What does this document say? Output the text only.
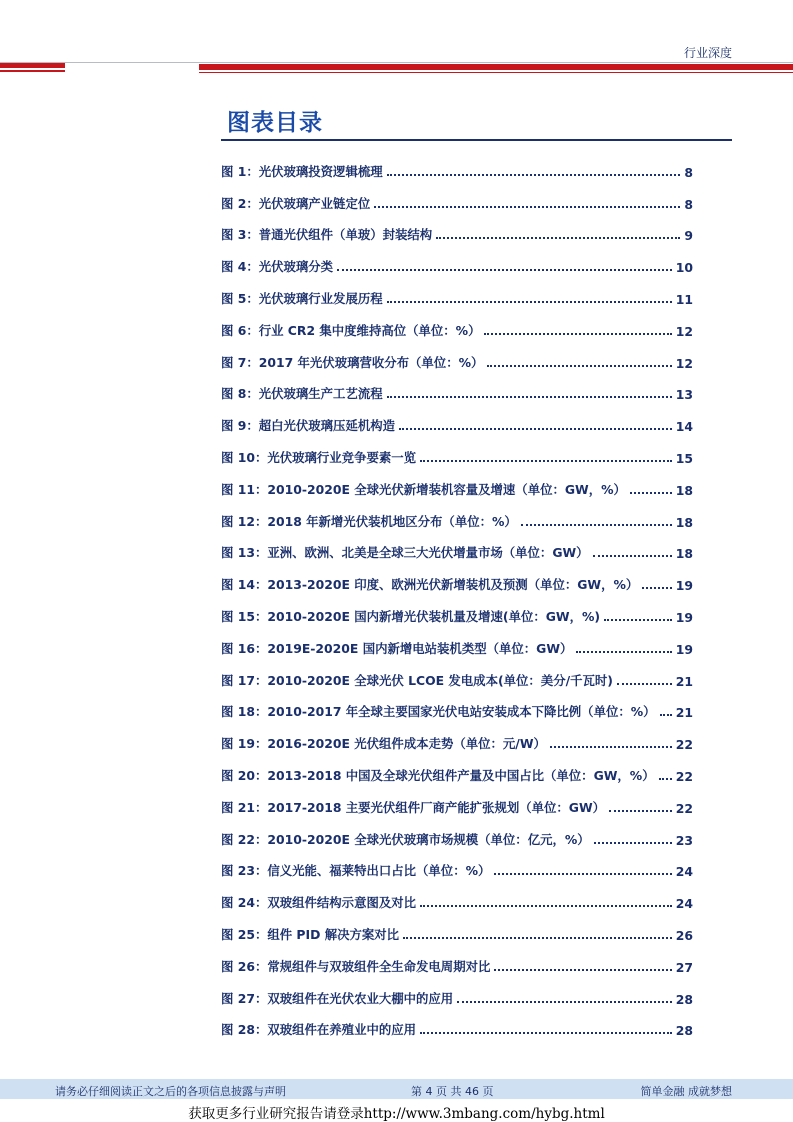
行业深度
图表目录
图 1：光伏玻璃投资逻辑梳理	8
图 2：光伏玻璃产业链定位	8
图 3：普通光伏组件（单玻）封装结构	9
图 4：光伏玻璃分类	10
图 5：光伏玻璃行业发展历程	11
图 6：行业 CR2 集中度维持高位（单位：%）	12
图 7：2017 年光伏玻璃营收分布（单位：%）	12
图 8：光伏玻璃生产工艺流程	13
图 9：超白光伏玻璃压延机构造	14
图 10：光伏玻璃行业竞争要素一览	15
图 11：2010-2020E 全球光伏新增装机容量及增速（单位：GW，%）	18
图 12：2018 年新增光伏装机地区分布（单位：%）	18
图 13：亚洲、欧洲、北美是全球三大光伏增量市场（单位：GW）	18
图 14：2013-2020E 印度、欧洲光伏新增装机及预测（单位：GW，%）	19
图 15：2010-2020E 国内新增光伏装机量及增速(单位：GW，%)	19
图 16：2019E-2020E 国内新增电站装机类型（单位：GW）	19
图 17：2010-2020E 全球光伏 LCOE 发电成本(单位：美分/千瓦时)	21
图 18：2010-2017 年全球主要国家光伏电站安装成本下降比例（单位：%） 21
图 19：2016-2020E 光伏组件成本走势（单位：元/W）	22
图 20：2013-2018 中国及全球光伏组件产量及中国占比（单位：GW，%） 22
图 21：2017-2018 主要光伏组件厂商产能扩张规划（单位：GW）	22
图 22：2010-2020E 全球光伏玻璃市场规模（单位：亿元，%）	23
图 23：信义光能、福莱特出口占比（单位：%）	24
图 24：双玻组件结构示意图及对比	24
图 25：组件 PID 解决方案对比	26
图 26：常规组件与双玻组件全生命发电周期对比	27
图 27：双玻组件在光伏农业大棚中的应用	28
图 28：双玻组件在养殖业中的应用	28
请务必仔细阅读正文之后的各项信息披露与声明	第 4 页 共 46 页	简单金融 成就梦想
获取更多行业研究报告请登录http://www.3mbang.com/hybg.html
